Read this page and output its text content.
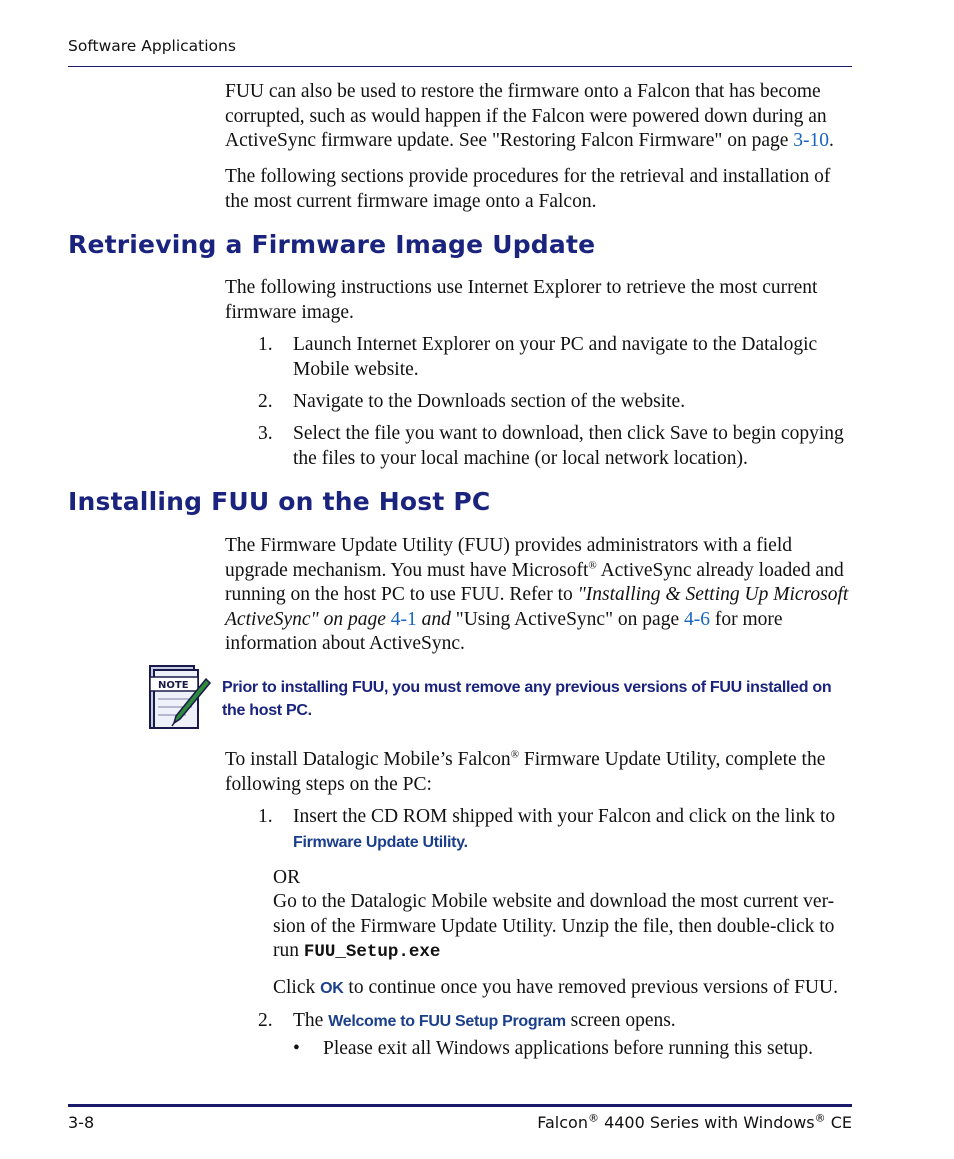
Software Applications
FUU can also be used to restore the firmware onto a Falcon that has become corrupted, such as would happen if the Falcon were powered down during an ActiveSync firmware update. See "Restoring Falcon Firmware" on page 3-10.
The following sections provide procedures for the retrieval and installation of the most current firmware image onto a Falcon.
Retrieving a Firmware Image Update
The following instructions use Internet Explorer to retrieve the most current firmware image.
1. Launch Internet Explorer on your PC and navigate to the Datalogic Mobile website.
2. Navigate to the Downloads section of the website.
3. Select the file you want to download, then click Save to begin copying the files to your local machine (or local network location).
Installing FUU on the Host PC
The Firmware Update Utility (FUU) provides administrators with a field upgrade mechanism. You must have Microsoft® ActiveSync already loaded and running on the host PC to use FUU. Refer to "Installing & Setting Up Microsoft ActiveSync" on page 4-1 and "Using ActiveSync" on page 4-6 for more information about ActiveSync.
NOTE Prior to installing FUU, you must remove any previous versions of FUU installed on the host PC.
To install Datalogic Mobile’s Falcon® Firmware Update Utility, complete the following steps on the PC:
1. Insert the CD ROM shipped with your Falcon and click on the link to Firmware Update Utility.
OR
Go to the Datalogic Mobile website and download the most current ver-sion of the Firmware Update Utility. Unzip the file, then double-click to run FUU_Setup.exe
Click OK to continue once you have removed previous versions of FUU.
2. The Welcome to FUU Setup Program screen opens.
• Please exit all Windows applications before running this setup.
3-8	Falcon® 4400 Series with Windows® CE
